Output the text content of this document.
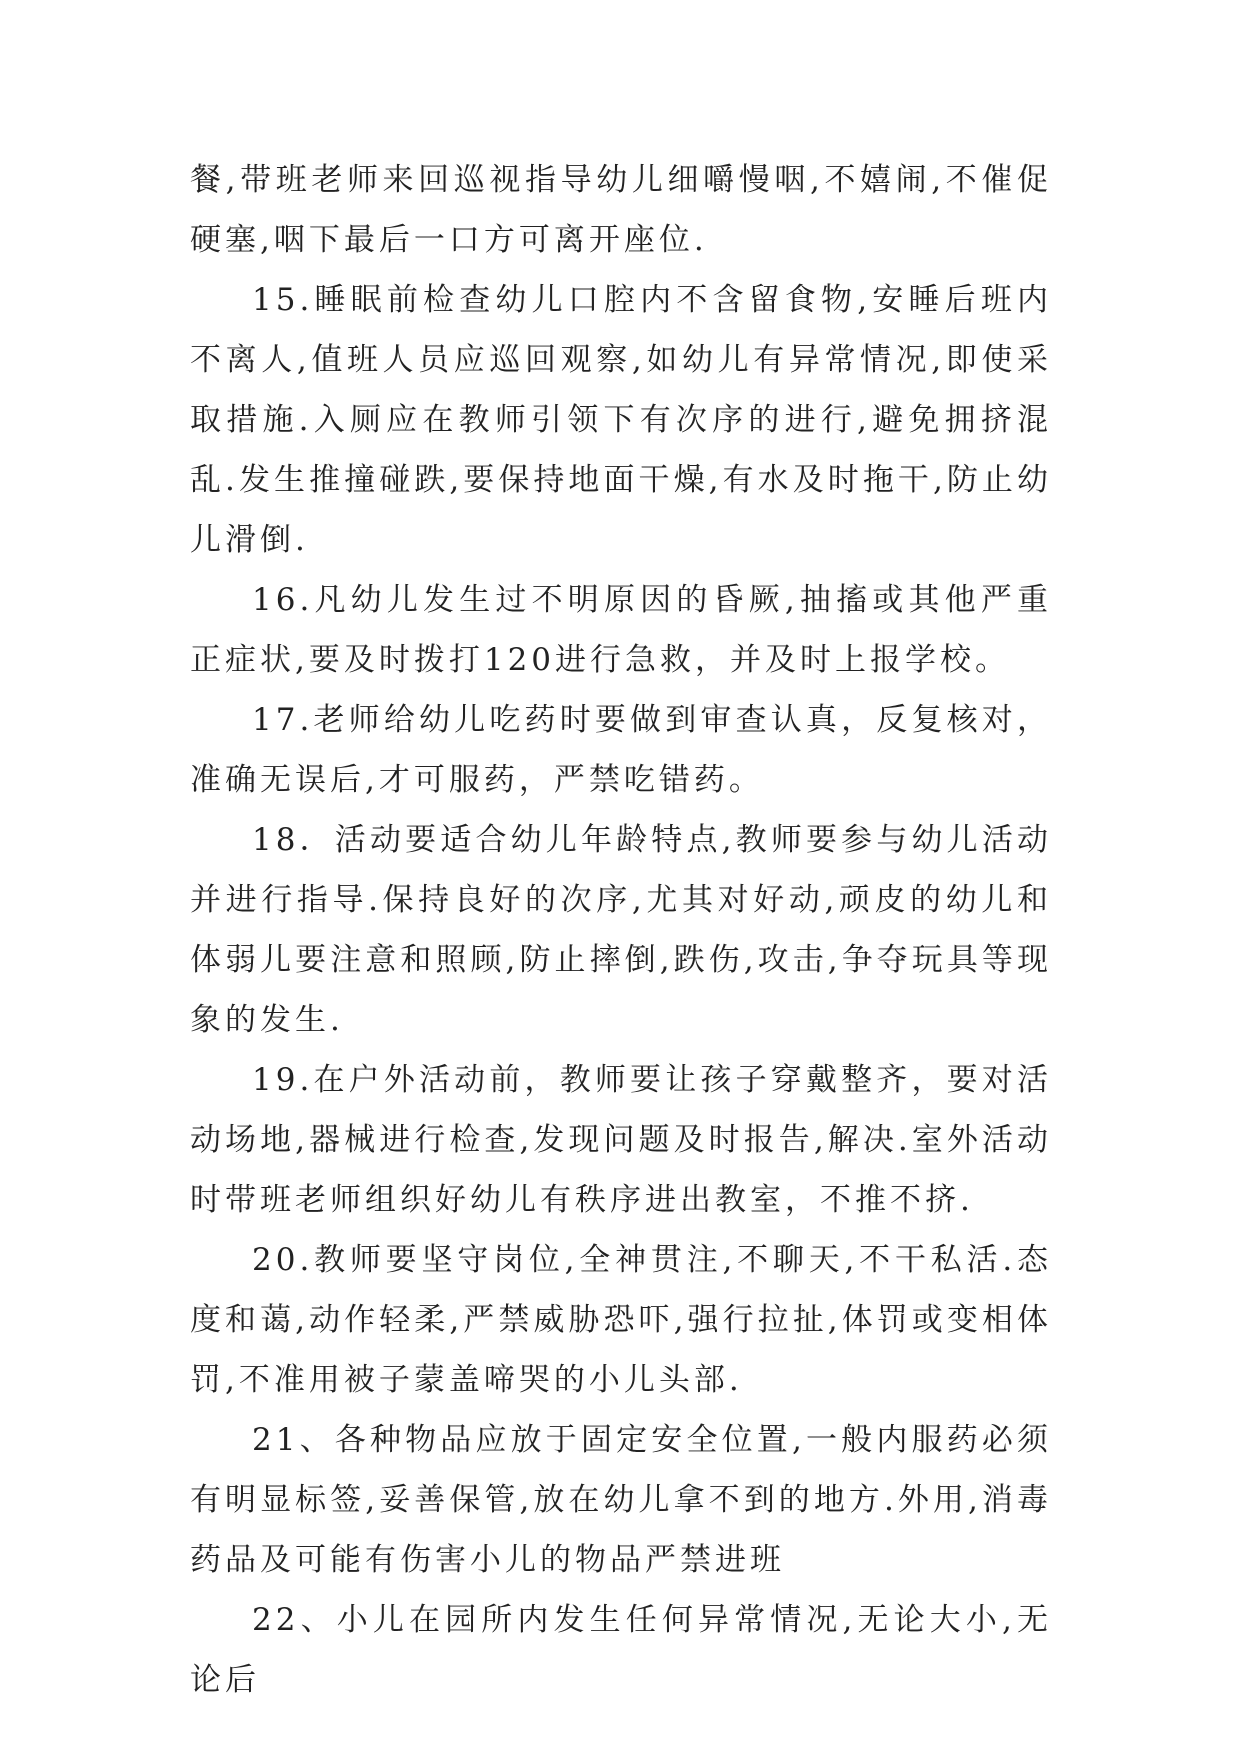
餐,带班老师来回巡视指导幼儿细嚼慢咽,不嬉闹,不催促硬塞,咽下最后一口方可离开座位.

15.睡眠前检查幼儿口腔内不含留食物,安睡后班内不离人,值班人员应巡回观察,如幼儿有异常情况,即使采取措施.入厕应在教师引领下有次序的进行,避免拥挤混乱.发生推撞碰跌,要保持地面干燥,有水及时拖干,防止幼儿滑倒.

16.凡幼儿发生过不明原因的昏厥,抽搐或其他严重正症状,要及时拨打120进行急救，并及时上报学校。

17.老师给幼儿吃药时要做到审查认真，反复核对，准确无误后,才可服药，严禁吃错药。

18．活动要适合幼儿年龄特点,教师要参与幼儿活动并进行指导.保持良好的次序,尤其对好动,顽皮的幼儿和体弱儿要注意和照顾,防止摔倒,跌伤,攻击,争夺玩具等现象的发生.

19.在户外活动前，教师要让孩子穿戴整齐，要对活动场地,器械进行检查,发现问题及时报告,解决.室外活动时带班老师组织好幼儿有秩序进出教室，不推不挤.

20.教师要坚守岗位,全神贯注,不聊天,不干私活.态度和蔼,动作轻柔,严禁威胁恐吓,强行拉扯,体罚或变相体罚,不准用被子蒙盖啼哭的小儿头部.

21、各种物品应放于固定安全位置,一般内服药必须有明显标签,妥善保管,放在幼儿拿不到的地方.外用,消毒药品及可能有伤害小儿的物品严禁进班

22、小儿在园所内发生任何异常情况,无论大小,无论后
